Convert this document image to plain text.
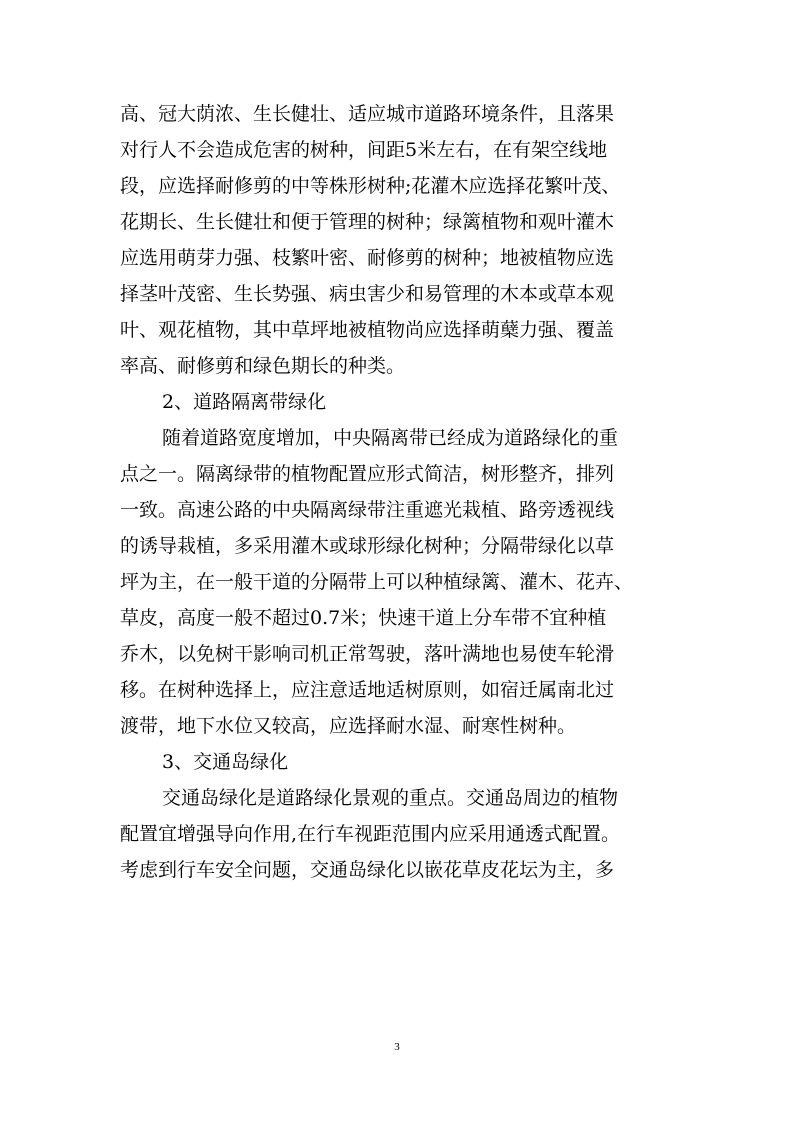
高、冠大荫浓、生长健壮、适应城市道路环境条件，且落果
对行人不会造成危害的树种，间距5米左右，在有架空线地
段，应选择耐修剪的中等株形树种;花灌木应选择花繁叶茂、
花期长、生长健壮和便于管理的树种；绿篱植物和观叶灌木
应选用萌芽力强、枝繁叶密、耐修剪的树种；地被植物应选
择茎叶茂密、生长势强、病虫害少和易管理的木本或草本观
叶、观花植物，其中草坪地被植物尚应选择萌蘖力强、覆盖
率高、耐修剪和绿色期长的种类。
2、道路隔离带绿化
随着道路宽度增加，中央隔离带已经成为道路绿化的重
点之一。隔离绿带的植物配置应形式简洁，树形整齐，排列
一致。高速公路的中央隔离绿带注重遮光栽植、路旁透视线
的诱导栽植，多采用灌木或球形绿化树种；分隔带绿化以草
坪为主，在一般干道的分隔带上可以种植绿篱、灌木、花卉、
草皮，高度一般不超过0.7米；快速干道上分车带不宜种植
乔木，以免树干影响司机正常驾驶，落叶满地也易使车轮滑
移。在树种选择上，应注意适地适树原则，如宿迁属南北过
渡带，地下水位又较高，应选择耐水湿、耐寒性树种。
3、交通岛绿化
交通岛绿化是道路绿化景观的重点。交通岛周边的植物
配置宜增强导向作用,在行车视距范围内应采用通透式配置。
考虑到行车安全问题，交通岛绿化以嵌花草皮花坛为主，多
3
